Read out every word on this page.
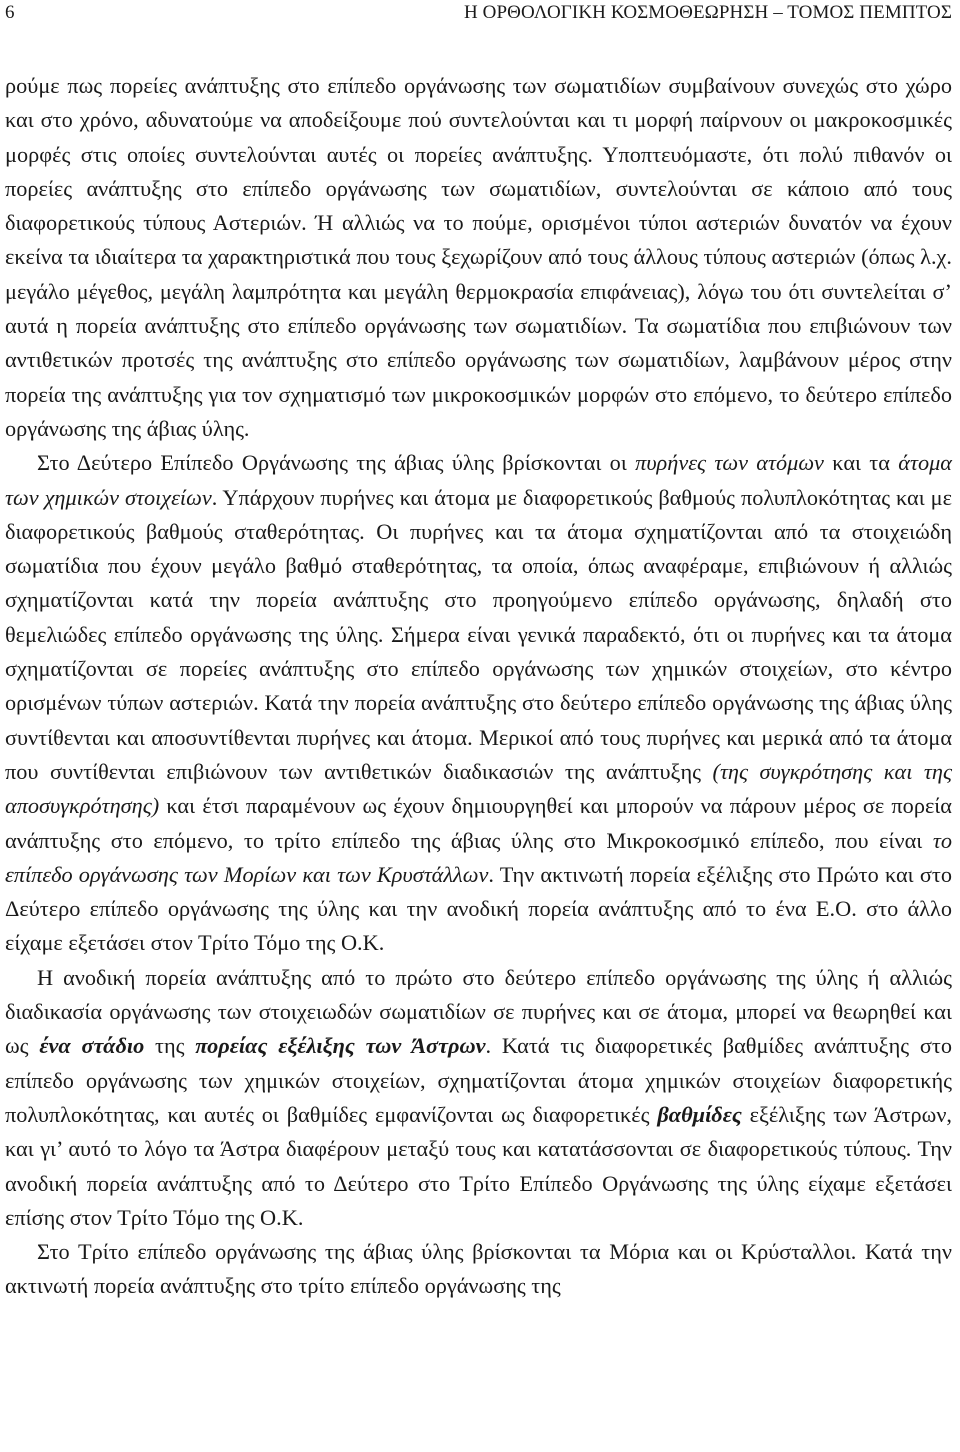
6	Η ΟΡΘΟΛΟΓΙΚΗ ΚΟΣΜΟΘΕΩΡΗΣΗ – ΤΟΜΟΣ ΠΕΜΠΤΟΣ

ρούμε πως πορείες ανάπτυξης στο επίπεδο οργάνωσης των σωματιδίων συμβαίνουν συνεχώς στο χώρο και στο χρόνο, αδυνατούμε να αποδείξουμε πού συντελούνται και τι μορφή παίρνουν οι μακροκοσμικές μορφές στις οποίες συντελούνται αυτές οι πορείες ανάπτυξης. Υποπτευόμαστε, ότι πολύ πιθανόν οι πορείες ανάπτυξης στο επίπεδο οργάνωσης των σωματιδίων, συντελούνται σε κάποιο από τους διαφορετικούς τύπους Αστεριών. Ή αλλιώς να το πούμε, ορισμένοι τύποι αστεριών δυνατόν να έχουν εκείνα τα ιδιαίτερα τα χαρακτηριστικά που τους ξεχωρίζουν από τους άλλους τύπους αστεριών (όπως λ.χ. μεγάλο μέγεθος, μεγάλη λαμπρότητα και μεγάλη θερμοκρασία επιφάνειας), λόγω του ότι συντελείται σ’ αυτά η πορεία ανάπτυξης στο επίπεδο οργάνωσης των σωματιδίων. Τα σωματίδια που επιβιώνουν των αντιθετικών προτσές της ανάπτυξης στο επίπεδο οργάνωσης των σωματιδίων, λαμβάνουν μέρος στην πορεία της ανάπτυξης για τον σχηματισμό των μικροκοσμικών μορφών στο επόμενο, το δεύτερο επίπεδο οργάνωσης της άβιας ύλης.

Στο Δεύτερο Επίπεδο Οργάνωσης της άβιας ύλης βρίσκονται οι πυρήνες των ατόμων και τα άτομα των χημικών στοιχείων. Υπάρχουν πυρήνες και άτομα με διαφορετικούς βαθμούς πολυπλοκότητας και με διαφορετικούς βαθμούς σταθερότητας. Οι πυρήνες και τα άτομα σχηματίζονται από τα στοιχειώδη σωματίδια που έχουν μεγάλο βαθμό σταθερότητας, τα οποία, όπως αναφέραμε, επιβιώνουν ή αλλιώς σχηματίζονται κατά την πορεία ανάπτυξης στο προηγούμενο επίπεδο οργάνωσης, δηλαδή στο θεμελιώδες επίπεδο οργάνωσης της ύλης. Σήμερα είναι γενικά παραδεκτό, ότι οι πυρήνες και τα άτομα σχηματίζονται σε πορείες ανάπτυξης στο επίπεδο οργάνωσης των χημικών στοιχείων, στο κέντρο ορισμένων τύπων αστεριών. Κατά την πορεία ανάπτυξης στο δεύτερο επίπεδο οργάνωσης της άβιας ύλης συντίθενται και αποσυντίθενται πυρήνες και άτομα. Μερικοί από τους πυρήνες και μερικά από τα άτομα που συντίθενται επιβιώνουν των αντιθετικών διαδικασιών της ανάπτυξης (της συγκρότησης και της αποσυγκρότησης) και έτσι παραμένουν ως έχουν δημιουργηθεί και μπορούν να πάρουν μέρος σε πορεία ανάπτυξης στο επόμενο, το τρίτο επίπεδο της άβιας ύλης στο Μικροκοσμικό επίπεδο, που είναι το επίπεδο οργάνωσης των Μορίων και των Κρυστάλλων. Την ακτινωτή πορεία εξέλιξης στο Πρώτο και στο Δεύτερο επίπεδο οργάνωσης της ύλης και την ανοδική πορεία ανάπτυξης από το ένα Ε.Ο. στο άλλο είχαμε εξετάσει στον Τρίτο Τόμο της Ο.Κ.

Η ανοδική πορεία ανάπτυξης από το πρώτο στο δεύτερο επίπεδο οργάνωσης της ύλης ή αλλιώς διαδικασία οργάνωσης των στοιχειωδών σωματιδίων σε πυρήνες και σε άτομα, μπορεί να θεωρηθεί και ως ένα στάδιο της πορείας εξέλιξης των Άστρων. Κατά τις διαφορετικές βαθμίδες ανάπτυξης στο επίπεδο οργάνωσης των χημικών στοιχείων, σχηματίζονται άτομα χημικών στοιχείων διαφορετικής πολυπλοκότητας, και αυτές οι βαθμίδες εμφανίζονται ως διαφορετικές βαθμίδες εξέλιξης των Άστρων, και γι’ αυτό το λόγο τα Άστρα διαφέρουν μεταξύ τους και κατατάσσονται σε διαφορετικούς τύπους. Την ανοδική πορεία ανάπτυξης από το Δεύτερο στο Τρίτο Επίπεδο Οργάνωσης της ύλης είχαμε εξετάσει επίσης στον Τρίτο Τόμο της Ο.Κ.

Στο Τρίτο επίπεδο οργάνωσης της άβιας ύλης βρίσκονται τα Μόρια και οι Κρύσταλλοι. Κατά την ακτινωτή πορεία ανάπτυξης στο τρίτο επίπεδο οργάνωσης της
